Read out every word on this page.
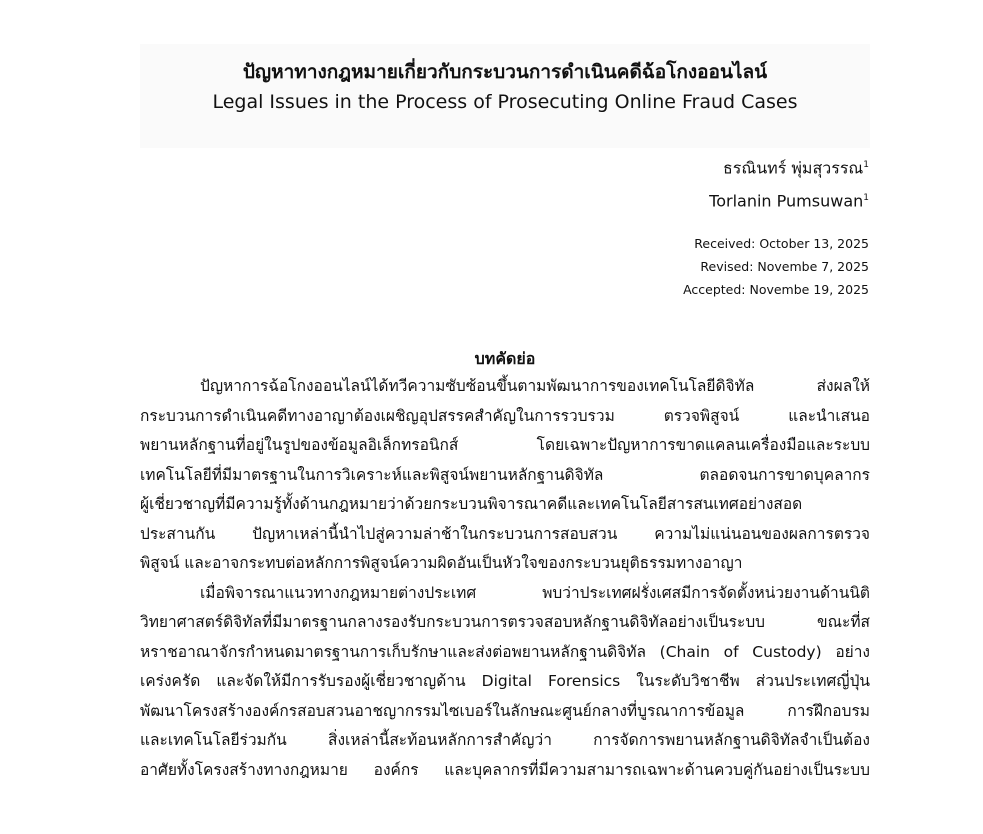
ปัญหาทางกฎหมายเกี่ยวกับกระบวนการดำเนินคดีฉ้อโกงออนไลน์
Legal Issues in the Process of Prosecuting Online Fraud Cases
ธรณินทร์ พุ่มสุวรรณ$^1$
Torlanin Pumsuwan$^1$
Received: October 13, 2025
Revised: Novembe 7, 2025
Accepted: Novembe 19, 2025
บทคัดย่อ
ปัญหาการฉ้อโกงออนไลน์ได้ทวีความซับซ้อนขึ้นตามพัฒนาการของเทคโนโลยีดิจิทัล ส่งผลให้
กระบวนการดำเนินคดีทางอาญาต้องเผชิญอุปสรรคสำคัญในการรวบรวม ตรวจพิสูจน์ และนำเสนอ
พยานหลักฐานที่อยู่ในรูปของข้อมูลอิเล็กทรอนิกส์ โดยเฉพาะปัญหาการขาดแคลนเครื่องมือและระบบ
เทคโนโลยีที่มีมาตรฐานในการวิเคราะห์และพิสูจน์พยานหลักฐานดิจิทัล ตลอดจนการขาดบุคลากร
ผู้เชี่ยวชาญที่มีความรู้ทั้งด้านกฎหมายว่าด้วยกระบวนพิจารณาคดีและเทคโนโลยีสารสนเทศอย่างสอด
ประสานกัน ปัญหาเหล่านี้นำไปสู่ความล่าช้าในกระบวนการสอบสวน ความไม่แน่นอนของผลการตรวจ
พิสูจน์ และอาจกระทบต่อหลักการพิสูจน์ความผิดอันเป็นหัวใจของกระบวนยุติธรรมทางอาญา
เมื่อพิจารณาแนวทางกฎหมายต่างประเทศ พบว่าประเทศฝรั่งเศสมีการจัดตั้งหน่วยงานด้านนิติ
วิทยาศาสตร์ดิจิทัลที่มีมาตรฐานกลางรองรับกระบวนการตรวจสอบหลักฐานดิจิทัลอย่างเป็นระบบ ขณะที่ส
หราชอาณาจักรกำหนดมาตรฐานการเก็บรักษาและส่งต่อพยานหลักฐานดิจิทัล (Chain of Custody) อย่าง
เคร่งครัด และจัดให้มีการรับรองผู้เชี่ยวชาญด้าน Digital Forensics ในระดับวิชาชีพ ส่วนประเทศญี่ปุ่น
พัฒนาโครงสร้างองค์กรสอบสวนอาชญากรรมไซเบอร์ในลักษณะศูนย์กลางที่บูรณาการข้อมูล การฝึกอบรม
และเทคโนโลยีร่วมกัน สิ่งเหล่านี้สะท้อนหลักการสำคัญว่า การจัดการพยานหลักฐานดิจิทัลจำเป็นต้อง
อาศัยทั้งโครงสร้างทางกฎหมาย องค์กร และบุคลากรที่มีความสามารถเฉพาะด้านควบคู่กันอย่างเป็นระบบ
